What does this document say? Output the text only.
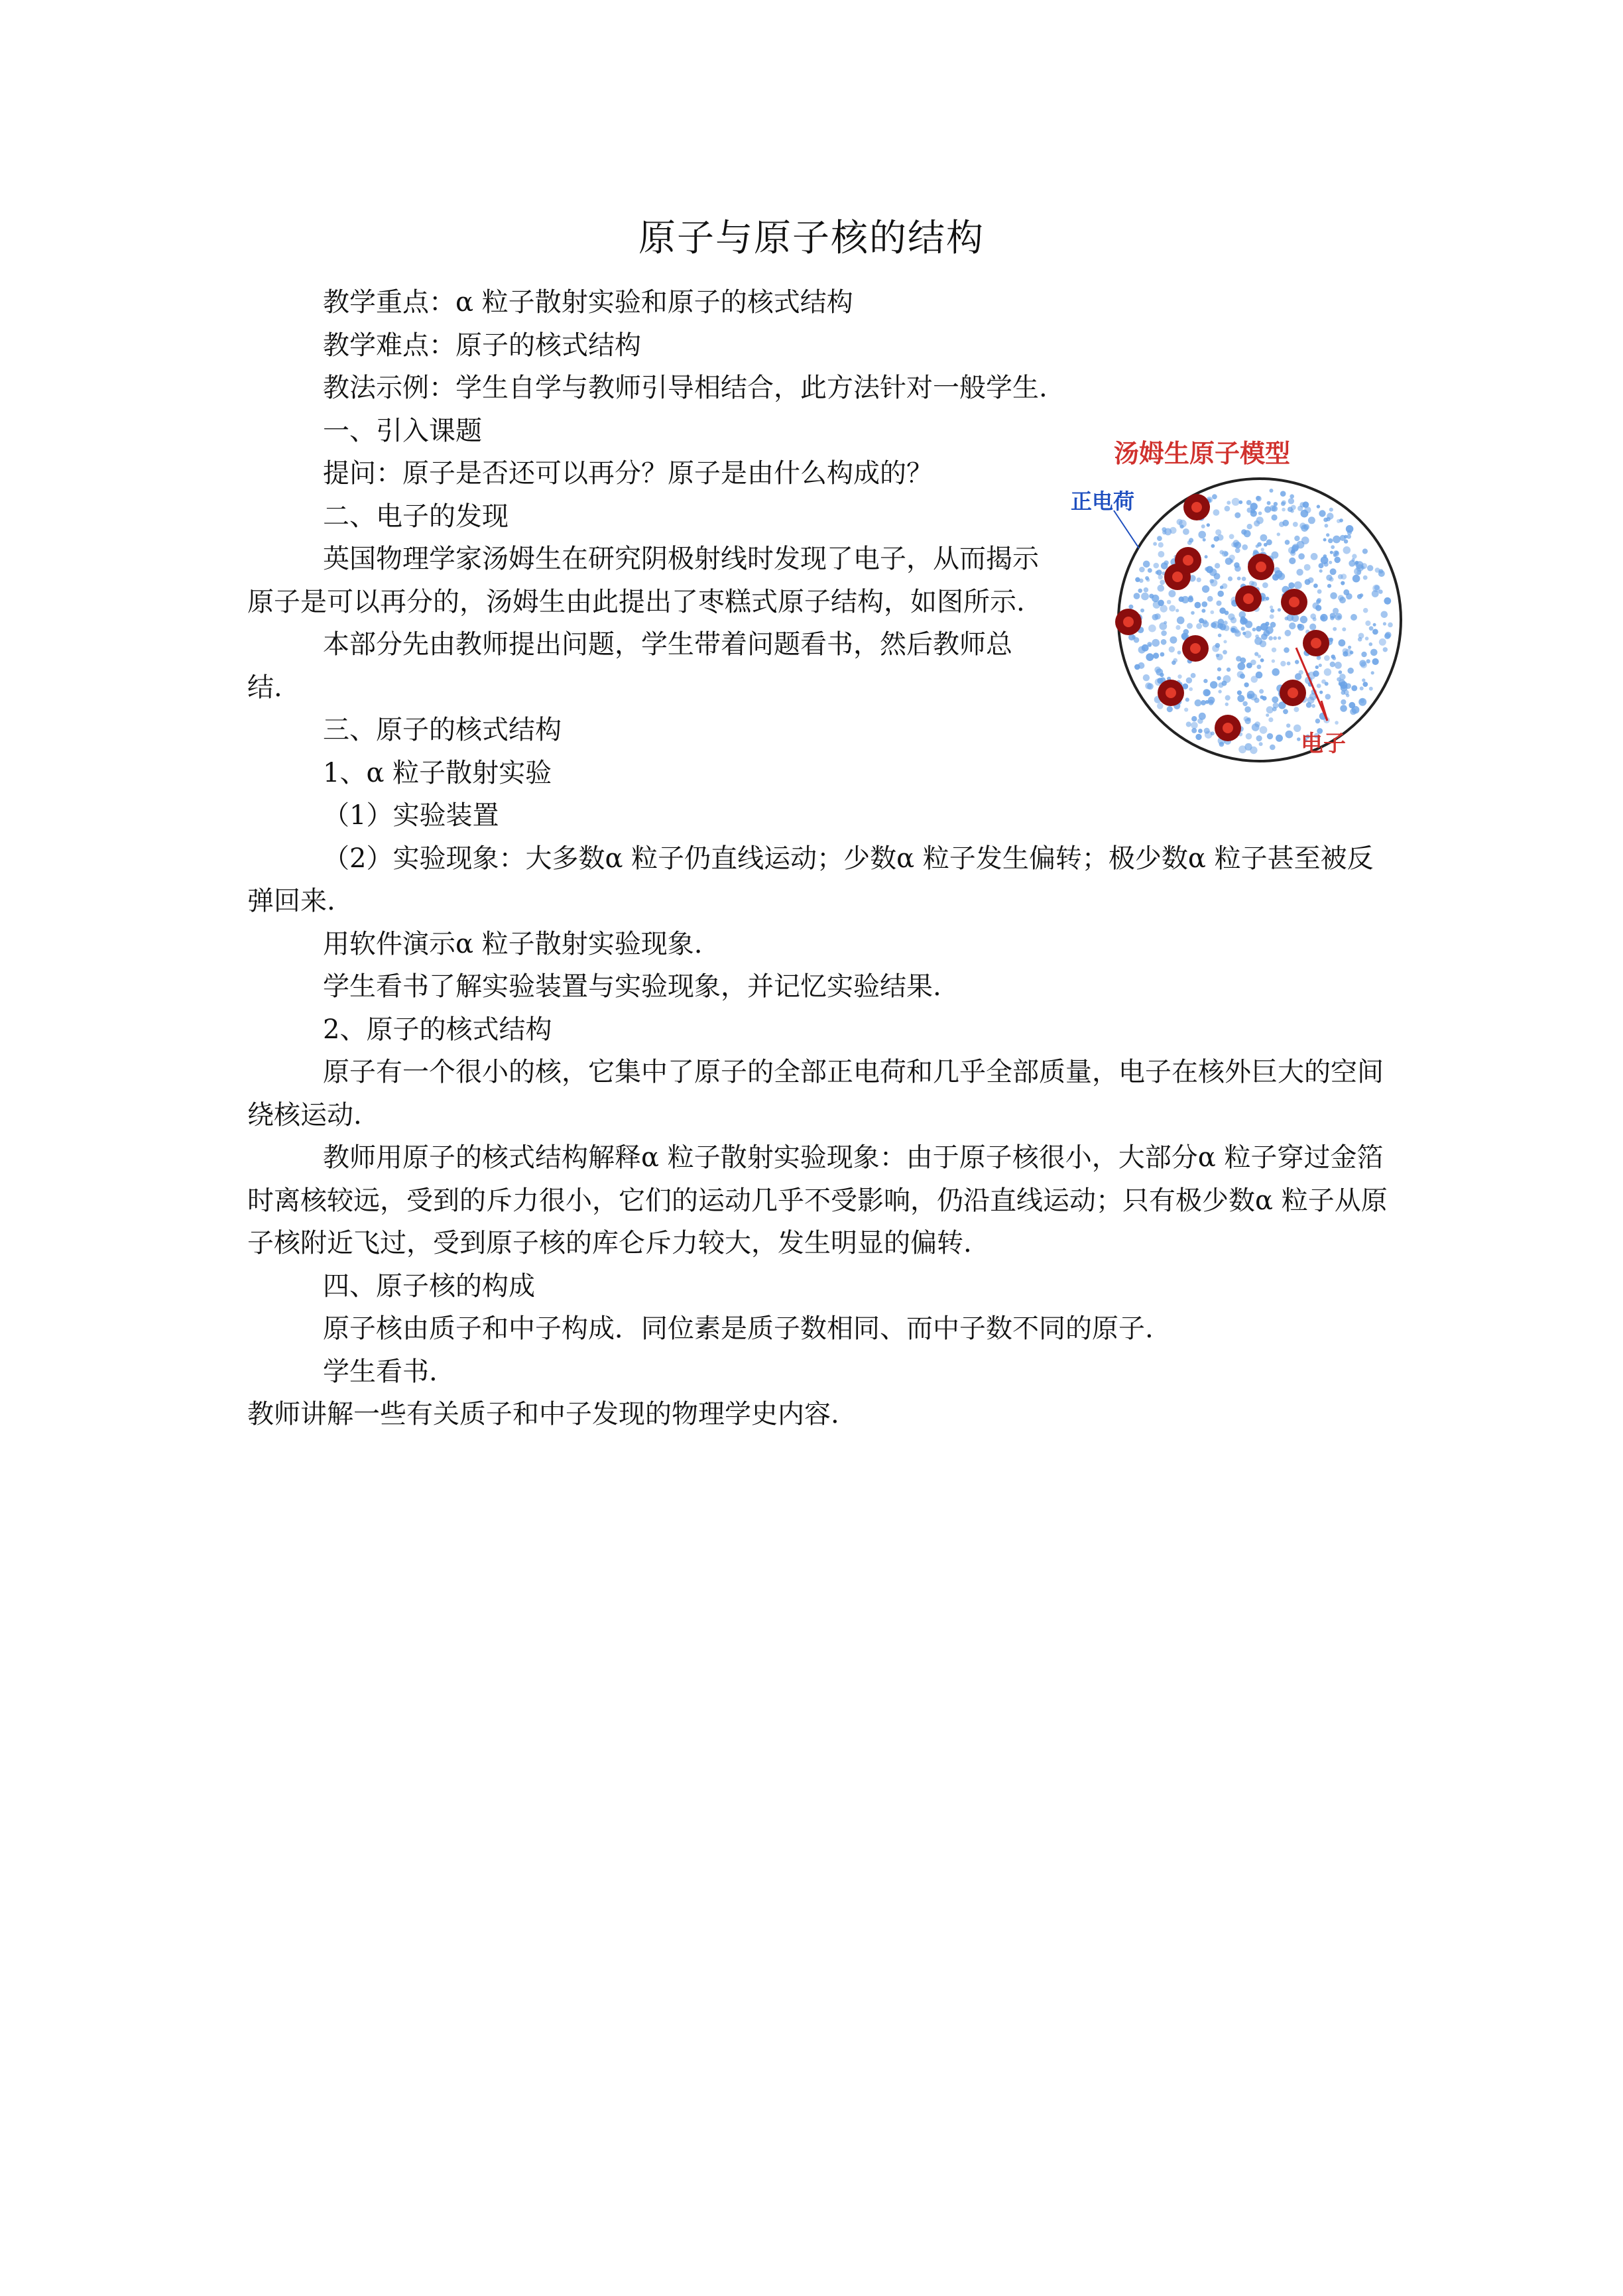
原子与原子核的结构

教学重点：α 粒子散射实验和原子的核式结构

教学难点：原子的核式结构

教法示例：学生自学与教师引导相结合，此方法针对一般学生.

一、引入课题

提问：原子是否还可以再分？原子是由什么构成的？

二、电子的发现

英国物理学家汤姆生在研究阴极射线时发现了电子，从而揭示原子是可以再分的，汤姆生由此提出了枣糕式原子结构，如图所示.

本部分先由教师提出问题，学生带着问题看书，然后教师总结.

三、原子的核式结构

1、α 粒子散射实验

（1）实验装置

（2）实验现象：大多数α 粒子仍直线运动；少数α 粒子发生偏转；极少数α 粒子甚至被反弹回来.

用软件演示α 粒子散射实验现象.

学生看书了解实验装置与实验现象，并记忆实验结果.

2、原子的核式结构

原子有一个很小的核，它集中了原子的全部正电荷和几乎全部质量，电子在核外巨大的空间绕核运动.

教师用原子的核式结构解释α 粒子散射实验现象：由于原子核很小，大部分α 粒子穿过金箔时离核较远，受到的斥力很小，它们的运动几乎不受影响，仍沿直线运动；只有极少数α 粒子从原子核附近飞过，受到原子核的库仑斥力较大，发生明显的偏转.

四、原子核的构成

原子核由质子和中子构成．同位素是质子数相同、而中子数不同的原子.

学生看书.

教师讲解一些有关质子和中子发现的物理学史内容.

汤姆生原子模型
正电荷
电子
